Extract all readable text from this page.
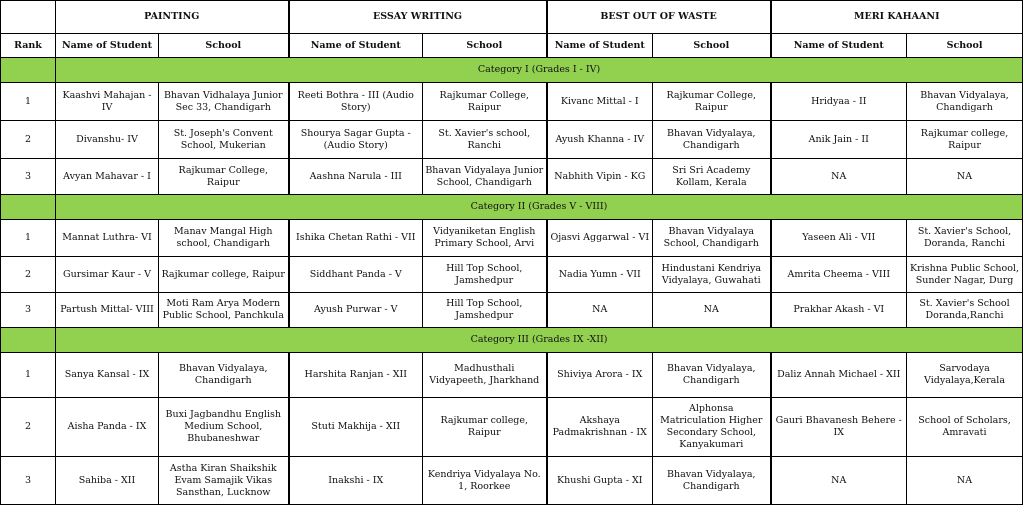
	PAINTING		ESSAY WRITING		BEST OUT OF WASTE		MERI KAHAANI	
Rank	Name of Student	School	Name of Student	School	Name of Student	School	Name of Student	School
	Category I (Grades I - IV)							
1	Kaashvi Mahajan - IV	Bhavan Vidhalaya Junior Sec 33, Chandigarh	Reeti Bothra - III (Audio Story)	Rajkumar College, Raipur	Kivanc Mittal - I	Rajkumar College, Raipur	Hridyaa - II	Bhavan Vidyalaya, Chandigarh
2	Divanshu- IV	St. Joseph's Convent School, Mukerian	Shourya Sagar Gupta - (Audio Story)	St. Xavier's school, Ranchi	Ayush Khanna - IV	Bhavan Vidyalaya, Chandigarh	Anik Jain - II	Rajkumar college, Raipur
3	Avyan Mahavar - I	Rajkumar College, Raipur	Aashna Narula - III	Bhavan Vidyalaya Junior School, Chandigarh	Nabhith Vipin - KG	Sri Sri Academy Kollam, Kerala	NA	NA
	Category II (Grades V - VIII)							
1	Mannat Luthra- VI	Manav Mangal High school, Chandigarh	Ishika Chetan Rathi - VII	Vidyaniketan English Primary School, Arvi	Ojasvi Aggarwal - VI	Bhavan Vidyalaya School, Chandigarh	Yaseen Ali - VII	St. Xavier's School, Doranda, Ranchi
2	Gursimar Kaur - V	Rajkumar college, Raipur	Siddhant Panda - V	Hill Top School, Jamshedpur	Nadia Yumn - VII	Hindustani Kendriya Vidyalaya, Guwahati	Amrita Cheema - VIII	Krishna Public School, Sunder Nagar, Durg
3	Partush Mittal- VIII	Moti Ram Arya Modern Public School, Panchkula	Ayush Purwar - V	Hill Top School, Jamshedpur	NA	NA	Prakhar Akash - VI	St. Xavier's School Doranda,Ranchi
	Category III (Grades IX -XII)							
1	Sanya Kansal - IX	Bhavan Vidyalaya, Chandigarh	Harshita Ranjan - XII	Madhusthali Vidyapeeth, Jharkhand	Shiviya Arora - IX	Bhavan Vidyalaya, Chandigarh	Daliz Annah Michael - XII	Sarvodaya Vidyalaya,Kerala
2	Aisha Panda - IX	Buxi Jagbandhu English Medium School, Bhubaneshwar	Stuti Makhija - XII	Rajkumar college, Raipur	Akshaya Padmakrishnan - IX	Alphonsa Matriculation Higher Secondary School, Kanyakumari	Gauri Bhavanesh Behere - IX	School of Scholars, Amravati
3	Sahiba - XII	Astha Kiran Shaikshik Evam Samajik Vikas Sansthan, Lucknow	Inakshi - IX	Kendriya Vidyalaya No. 1, Roorkee	Khushi Gupta - XI	Bhavan Vidyalaya, Chandigarh	NA	NA
